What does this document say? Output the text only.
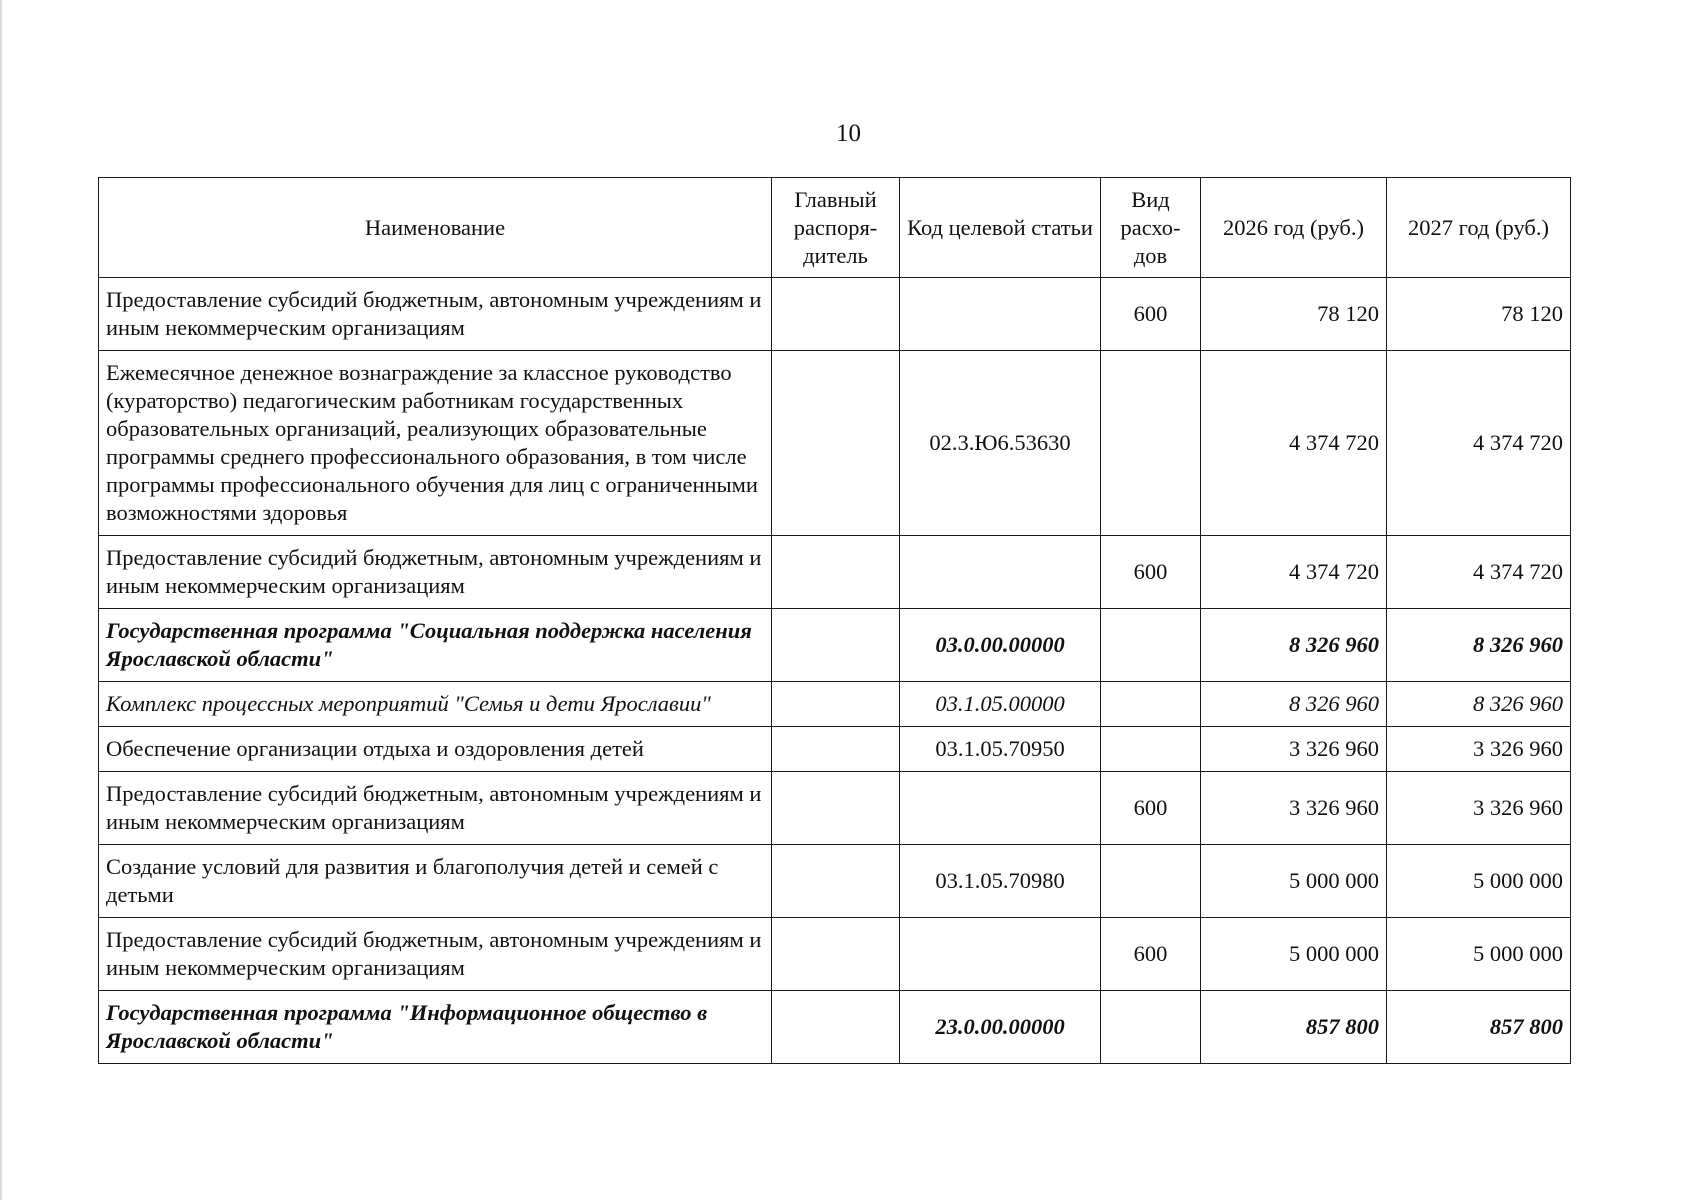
10
Наименование	Главный распоря-дитель	Код целевой статьи	Вид расхо-дов	2026 год (руб.)	2027 год (руб.)
Предоставление субсидий бюджетным, автономным учреждениям и иным некоммерческим организациям			600	78 120	78 120
Ежемесячное денежное вознаграждение за классное руководство (кураторство) педагогическим работникам государственных образовательных организаций, реализующих образовательные программы среднего профессионального образования, в том числе программы профессионального обучения для лиц с ограниченными возможностями здоровья		02.3.Ю6.53630		4 374 720	4 374 720
Предоставление субсидий бюджетным, автономным учреждениям и иным некоммерческим организациям			600	4 374 720	4 374 720
Государственная программа "Социальная поддержка населения Ярославской области"		03.0.00.00000		8 326 960	8 326 960
Комплекс процессных мероприятий "Семья и дети Ярославии"		03.1.05.00000		8 326 960	8 326 960
Обеспечение организации отдыха и оздоровления детей		03.1.05.70950		3 326 960	3 326 960
Предоставление субсидий бюджетным, автономным учреждениям и иным некоммерческим организациям			600	3 326 960	3 326 960
Создание условий для развития и благополучия детей и семей с детьми		03.1.05.70980		5 000 000	5 000 000
Предоставление субсидий бюджетным, автономным учреждениям и иным некоммерческим организациям			600	5 000 000	5 000 000
Государственная программа "Информационное общество в Ярославской области"		23.0.00.00000		857 800	857 800
